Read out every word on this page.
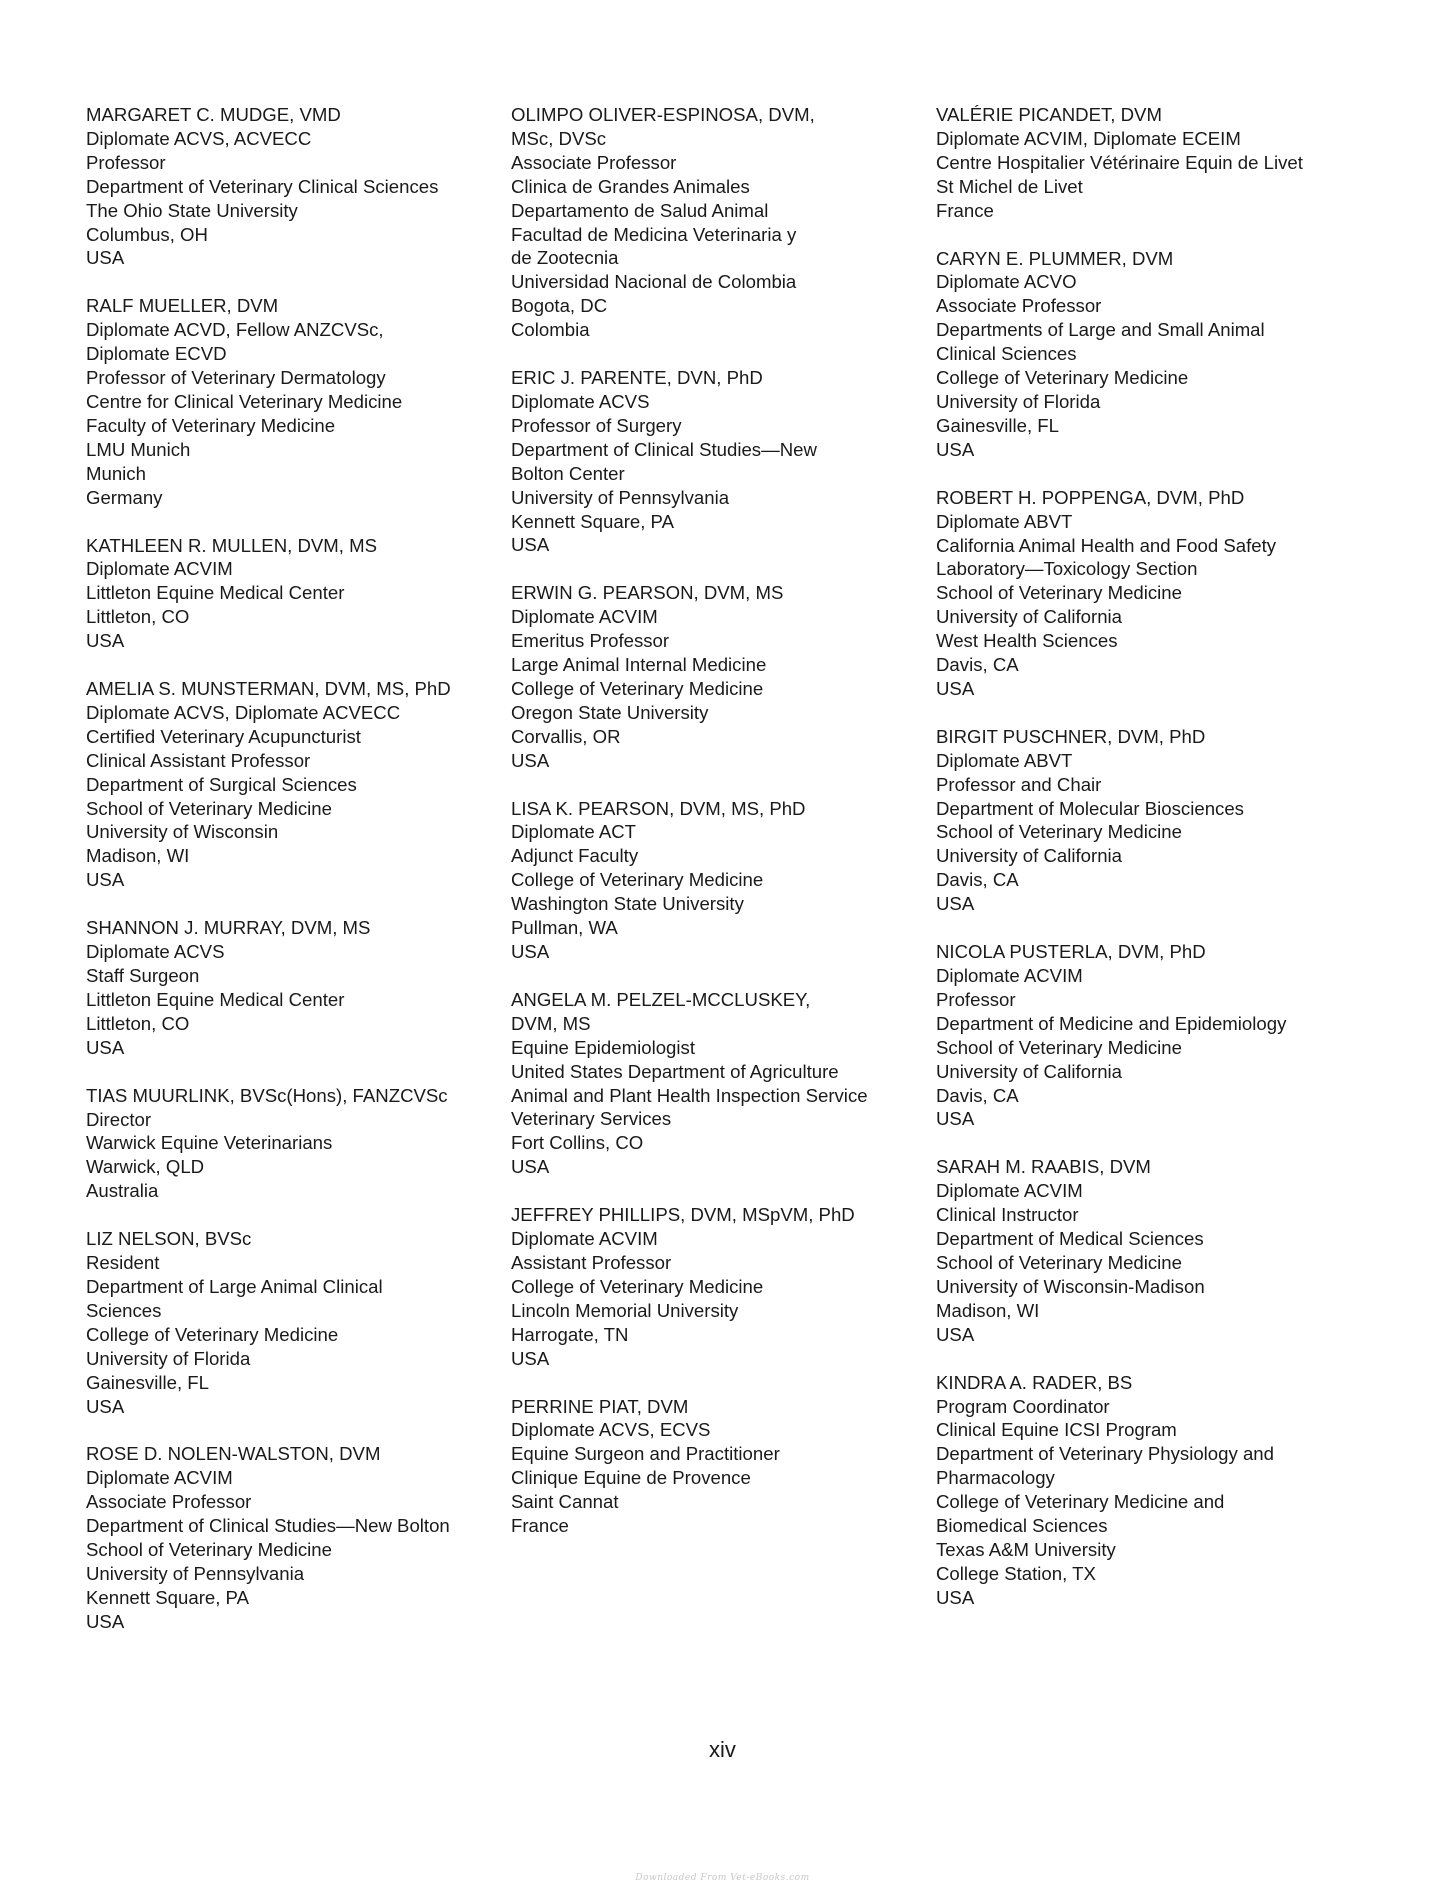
MARGARET C. MUDGE, VMD
Diplomate ACVS, ACVECC
Professor
Department of Veterinary Clinical Sciences
The Ohio State University
Columbus, OH
USA
RALF MUELLER, DVM
Diplomate ACVD, Fellow ANZCVSc,
Diplomate ECVD
Professor of Veterinary Dermatology
Centre for Clinical Veterinary Medicine
Faculty of Veterinary Medicine
LMU Munich
Munich
Germany
KATHLEEN R. MULLEN, DVM, MS
Diplomate ACVIM
Littleton Equine Medical Center
Littleton, CO
USA
AMELIA S. MUNSTERMAN, DVM, MS, PhD
Diplomate ACVS, Diplomate ACVECC
Certified Veterinary Acupuncturist
Clinical Assistant Professor
Department of Surgical Sciences
School of Veterinary Medicine
University of Wisconsin
Madison, WI
USA
SHANNON J. MURRAY, DVM, MS
Diplomate ACVS
Staff Surgeon
Littleton Equine Medical Center
Littleton, CO
USA
TIAS MUURLINK, BVSc(Hons), FANZCVSc
Director
Warwick Equine Veterinarians
Warwick, QLD
Australia
LIZ NELSON, BVSc
Resident
Department of Large Animal Clinical
Sciences
College of Veterinary Medicine
University of Florida
Gainesville, FL
USA
ROSE D. NOLEN-WALSTON, DVM
Diplomate ACVIM
Associate Professor
Department of Clinical Studies—New Bolton
School of Veterinary Medicine
University of Pennsylvania
Kennett Square, PA
USA
OLIMPO OLIVER-ESPINOSA, DVM,
MSc, DVSc
Associate Professor
Clinica de Grandes Animales
Departamento de Salud Animal
Facultad de Medicina Veterinaria y
de Zootecnia
Universidad Nacional de Colombia
Bogota, DC
Colombia
ERIC J. PARENTE, DVN, PhD
Diplomate ACVS
Professor of Surgery
Department of Clinical Studies—New
Bolton Center
University of Pennsylvania
Kennett Square, PA
USA
ERWIN G. PEARSON, DVM, MS
Diplomate ACVIM
Emeritus Professor
Large Animal Internal Medicine
College of Veterinary Medicine
Oregon State University
Corvallis, OR
USA
LISA K. PEARSON, DVM, MS, PhD
Diplomate ACT
Adjunct Faculty
College of Veterinary Medicine
Washington State University
Pullman, WA
USA
ANGELA M. PELZEL-MCCLUSKEY,
DVM, MS
Equine Epidemiologist
United States Department of Agriculture
Animal and Plant Health Inspection Service
Veterinary Services
Fort Collins, CO
USA
JEFFREY PHILLIPS, DVM, MSpVM, PhD
Diplomate ACVIM
Assistant Professor
College of Veterinary Medicine
Lincoln Memorial University
Harrogate, TN
USA
PERRINE PIAT, DVM
Diplomate ACVS, ECVS
Equine Surgeon and Practitioner
Clinique Equine de Provence
Saint Cannat
France
VALÉRIE PICANDET, DVM
Diplomate ACVIM, Diplomate ECEIM
Centre Hospitalier Vétérinaire Equin de Livet
St Michel de Livet
France
CARYN E. PLUMMER, DVM
Diplomate ACVO
Associate Professor
Departments of Large and Small Animal
Clinical Sciences
College of Veterinary Medicine
University of Florida
Gainesville, FL
USA
ROBERT H. POPPENGA, DVM, PhD
Diplomate ABVT
California Animal Health and Food Safety
Laboratory—Toxicology Section
School of Veterinary Medicine
University of California
West Health Sciences
Davis, CA
USA
BIRGIT PUSCHNER, DVM, PhD
Diplomate ABVT
Professor and Chair
Department of Molecular Biosciences
School of Veterinary Medicine
University of California
Davis, CA
USA
NICOLA PUSTERLA, DVM, PhD
Diplomate ACVIM
Professor
Department of Medicine and Epidemiology
School of Veterinary Medicine
University of California
Davis, CA
USA
SARAH M. RAABIS, DVM
Diplomate ACVIM
Clinical Instructor
Department of Medical Sciences
School of Veterinary Medicine
University of Wisconsin-Madison
Madison, WI
USA
KINDRA A. RADER, BS
Program Coordinator
Clinical Equine ICSI Program
Department of Veterinary Physiology and
Pharmacology
College of Veterinary Medicine and
Biomedical Sciences
Texas A&M University
College Station, TX
USA
xiv
Downloaded From Vet-eBooks.com
